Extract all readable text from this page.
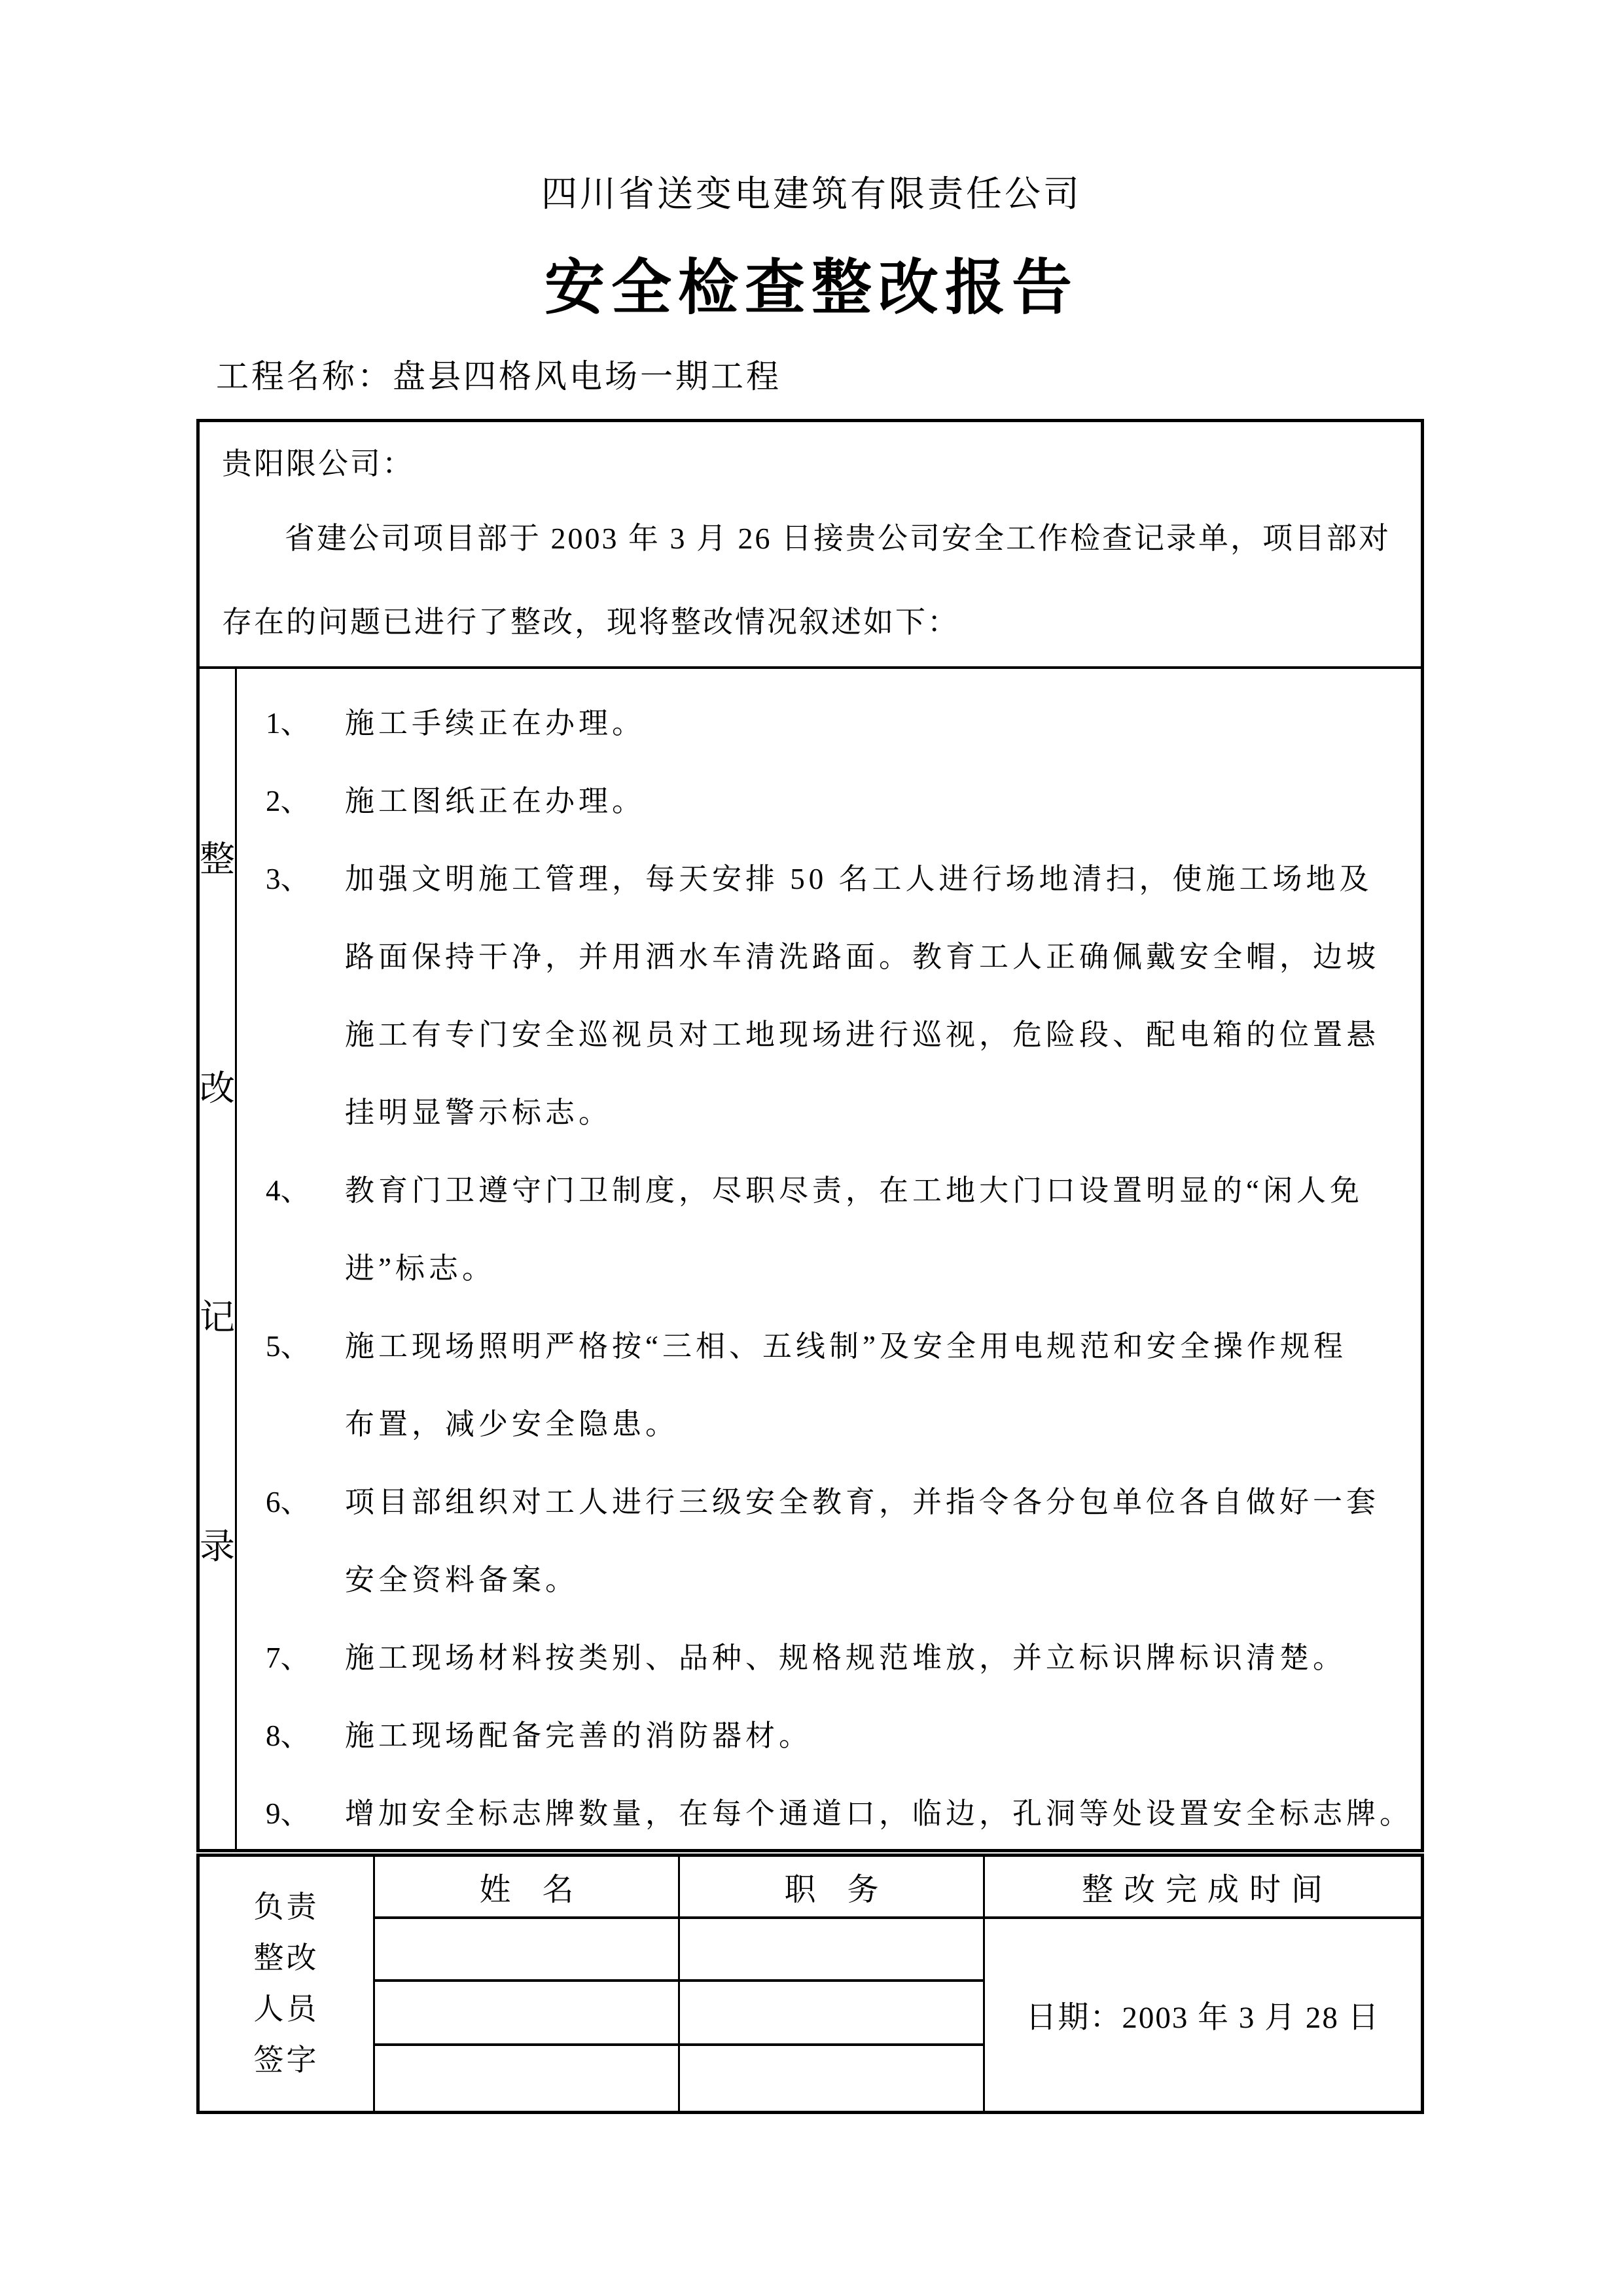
四川省送变电建筑有限责任公司
安全检查整改报告
工程名称：盘县四格风电场一期工程
贵阳限公司：
省建公司项目部于 2003 年 3 月 26 日接贵公司安全工作检查记录单，项目部对
存在的问题已进行了整改，现将整改情况叙述如下：
整
改
记
录
1、	施工手续正在办理。
2、	施工图纸正在办理。
3、	加强文明施工管理，每天安排 50 名工人进行场地清扫，使施工场地及
路面保持干净，并用洒水车清洗路面。教育工人正确佩戴安全帽，边坡
施工有专门安全巡视员对工地现场进行巡视，危险段、配电箱的位置悬
挂明显警示标志。
4、	教育门卫遵守门卫制度，尽职尽责，在工地大门口设置明显的“闲人免
进”标志。
5、	施工现场照明严格按“三相、五线制”及安全用电规范和安全操作规程
布置，减少安全隐患。
6、	项目部组织对工人进行三级安全教育，并指令各分包单位各自做好一套
安全资料备案。
7、	施工现场材料按类别、品种、规格规范堆放，并立标识牌标识清楚。
8、	施工现场配备完善的消防器材。
9、	增加安全标志牌数量，在每个通道口，临边，孔洞等处设置安全标志牌。
负责
整改
人员
签字
姓　名	职　务	整 改 完 成 时 间
日期：2003 年 3 月 28 日
